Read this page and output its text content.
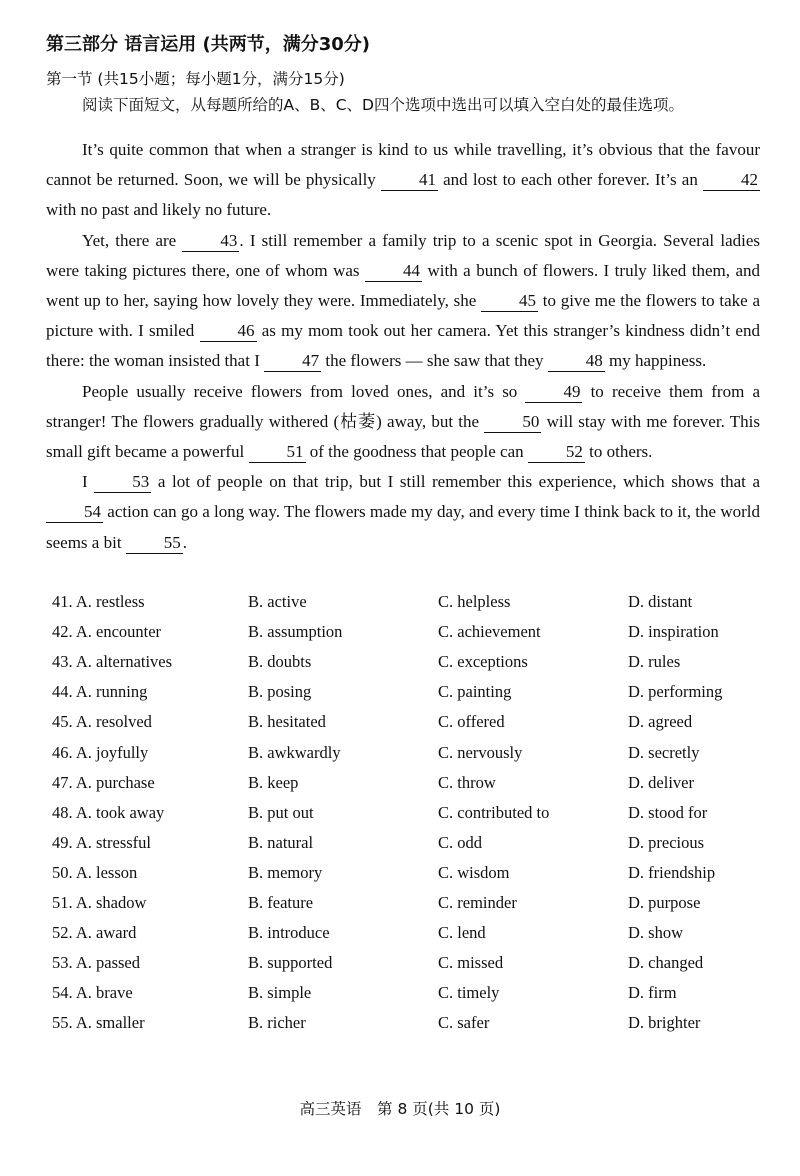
第三部分 语言运用 (共两节，满分30分)
第一节 (共15小题；每小题1分，满分15分)
阅读下面短文，从每题所给的A、B、C、D四个选项中选出可以填入空白处的最佳选项。

It’s quite common that when a stranger is kind to us while travelling, it’s obvious that the favour cannot be returned. Soon, we will be physically 41 and lost to each other forever. It’s an 42 with no past and likely no future.

Yet, there are 43 . I still remember a family trip to a scenic spot in Georgia. Several ladies were taking pictures there, one of whom was 44 with a bunch of flowers. I truly liked them, and went up to her, saying how lovely they were. Immediately, she 45 to give me the flowers to take a picture with. I smiled 46 as my mom took out her camera. Yet this stranger’s kindness didn’t end there: the woman insisted that I 47 the flowers — she saw that they 48 my happiness.

People usually receive flowers from loved ones, and it’s so 49 to receive them from a stranger! The flowers gradually withered (枯萎) away, but the 50 will stay with me forever. This small gift became a powerful 51 of the goodness that people can 52 to others.

I 53 a lot of people on that trip, but I still remember this experience, which shows that a 54 action can go a long way. The flowers made my day, and every time I think back to it, the world seems a bit 55 .

41. A. restless	B. active	C. helpless	D. distant
42. A. encounter	B. assumption	C. achievement	D. inspiration
43. A. alternatives	B. doubts	C. exceptions	D. rules
44. A. running	B. posing	C. painting	D. performing
45. A. resolved	B. hesitated	C. offered	D. agreed
46. A. joyfully	B. awkwardly	C. nervously	D. secretly
47. A. purchase	B. keep	C. throw	D. deliver
48. A. took away	B. put out	C. contributed to	D. stood for
49. A. stressful	B. natural	C. odd	D. precious
50. A. lesson	B. memory	C. wisdom	D. friendship
51. A. shadow	B. feature	C. reminder	D. purpose
52. A. award	B. introduce	C. lend	D. show
53. A. passed	B. supported	C. missed	D. changed
54. A. brave	B. simple	C. timely	D. firm
55. A. smaller	B. richer	C. safer	D. brighter
高三英语　第 8 页(共 10 页)
